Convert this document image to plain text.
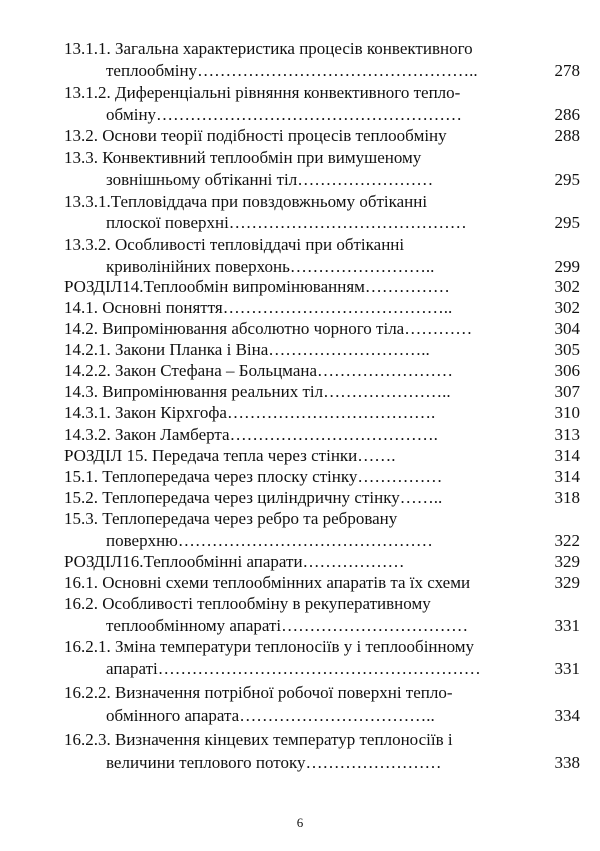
13.1.1. Загальна характеристика процесів конвективного
теплообміну…………………………………………..	278
13.1.2. Диференціальні рівняння конвективного тепло-
обміну………………………………………………	286
13.2. Основи теорії подібності процесів теплообміну	288
13.3. Конвективний теплообмін при вимушеному
зовнішньому обтіканні тіл……………………	295
13.3.1.Тепловіддача при повздовжньому обтіканні
плоскої поверхні……………………………………	295
13.3.2. Особливості тепловіддачі при обтіканні
криволінійних поверхонь……………………..	299
РОЗДІЛ14.Теплообмін випромінюванням……………	302
14.1. Основні поняття…………………………………..	302
14.2. Випромінювання абсолютно чорного тіла…………	304
14.2.1. Закони Планка і Віна………………………..	305
14.2.2. Закон Стефана – Больцмана……………………	306
14.3. Випромінювання реальних тіл…………………..	307
14.3.1. Закон Кірхгофа……………………………….	310
14.3.2. Закон Ламберта……………………………….	313
РОЗДІЛ 15. Передача тепла через стінки…….	314
15.1. Теплопередача через плоску стінку……………	314
15.2. Теплопередача через циліндричну стінку……..	318
15.3. Теплопередача через ребро та ребровану
поверхню………………………………………	322
РОЗДІЛ16.Теплообмінні апарати………………	329
16.1. Основні схеми теплообмінних апаратів та їх схеми	329
16.2. Особливості теплообміну в рекуперативному
теплообмінному апараті……………………………	331
16.2.1. Зміна температури теплоносіїв у і теплообінному
апараті…………………………………………………	331
16.2.2. Визначення потрібної робочої поверхні тепло-
обмінного апарата……………………………..	334
16.2.3. Визначення кінцевих температур теплоносіїв і
величини теплового потоку……………………	338
6
